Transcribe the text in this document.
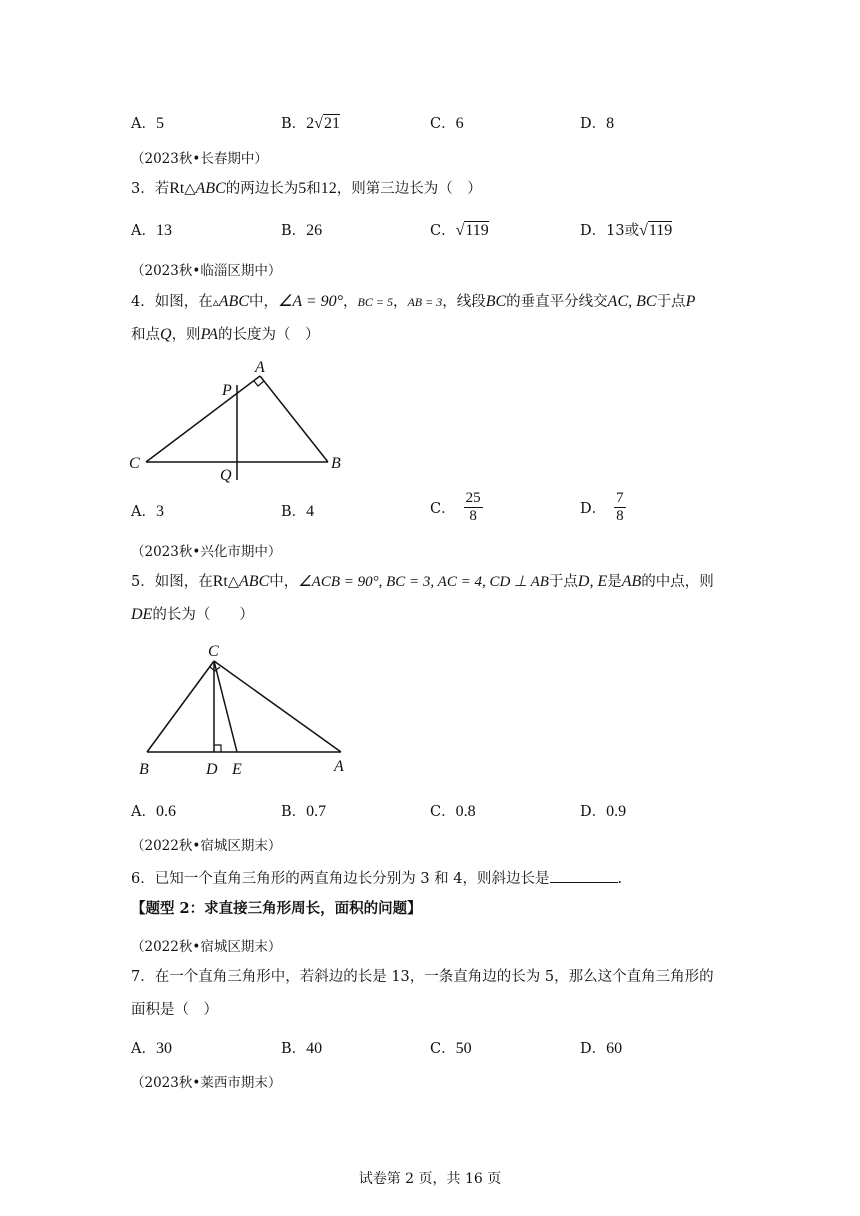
A．5	B．2√21	C．6	D．8
（2023秋•长春期中）
3．若Rt△ABC的两边长为5和12，则第三边长为（　）
A．13	B．26	C．√119	D．13或√119
（2023秋•临淄区期中）
4．如图，在▵ABC中，∠A = 90°，BC = 5，AB = 3，线段BC的垂直平分线交AC, BC于点P
和点Q，则PA的长度为（　）
A
P
C
Q
B
A．3	B．4	C． $\frac{25}{8}$	D． $\frac{7}{8}$
（2023秋•兴化市期中）
5．如图，在Rt△ABC中，∠ACB = 90°, BC = 3, AC = 4, CD ⊥ AB于点D, E是AB的中点，则
DE的长为（　　）
C
B	D E	A
A．0.6	B．0.7	C．0.8	D．0.9
（2022秋•宿城区期末）
6．已知一个直角三角形的两直角边长分别为 3 和 4，则斜边长是	.
【题型 2：求直接三角形周长，面积的问题】
（2022秋•宿城区期末）
7．在一个直角三角形中，若斜边的长是 13，一条直角边的长为 5，那么这个直角三角形的
面积是（　）
A．30	B．40	C．50	D．60
（2023秋•莱西市期末）
试卷第 2 页，共 16 页
